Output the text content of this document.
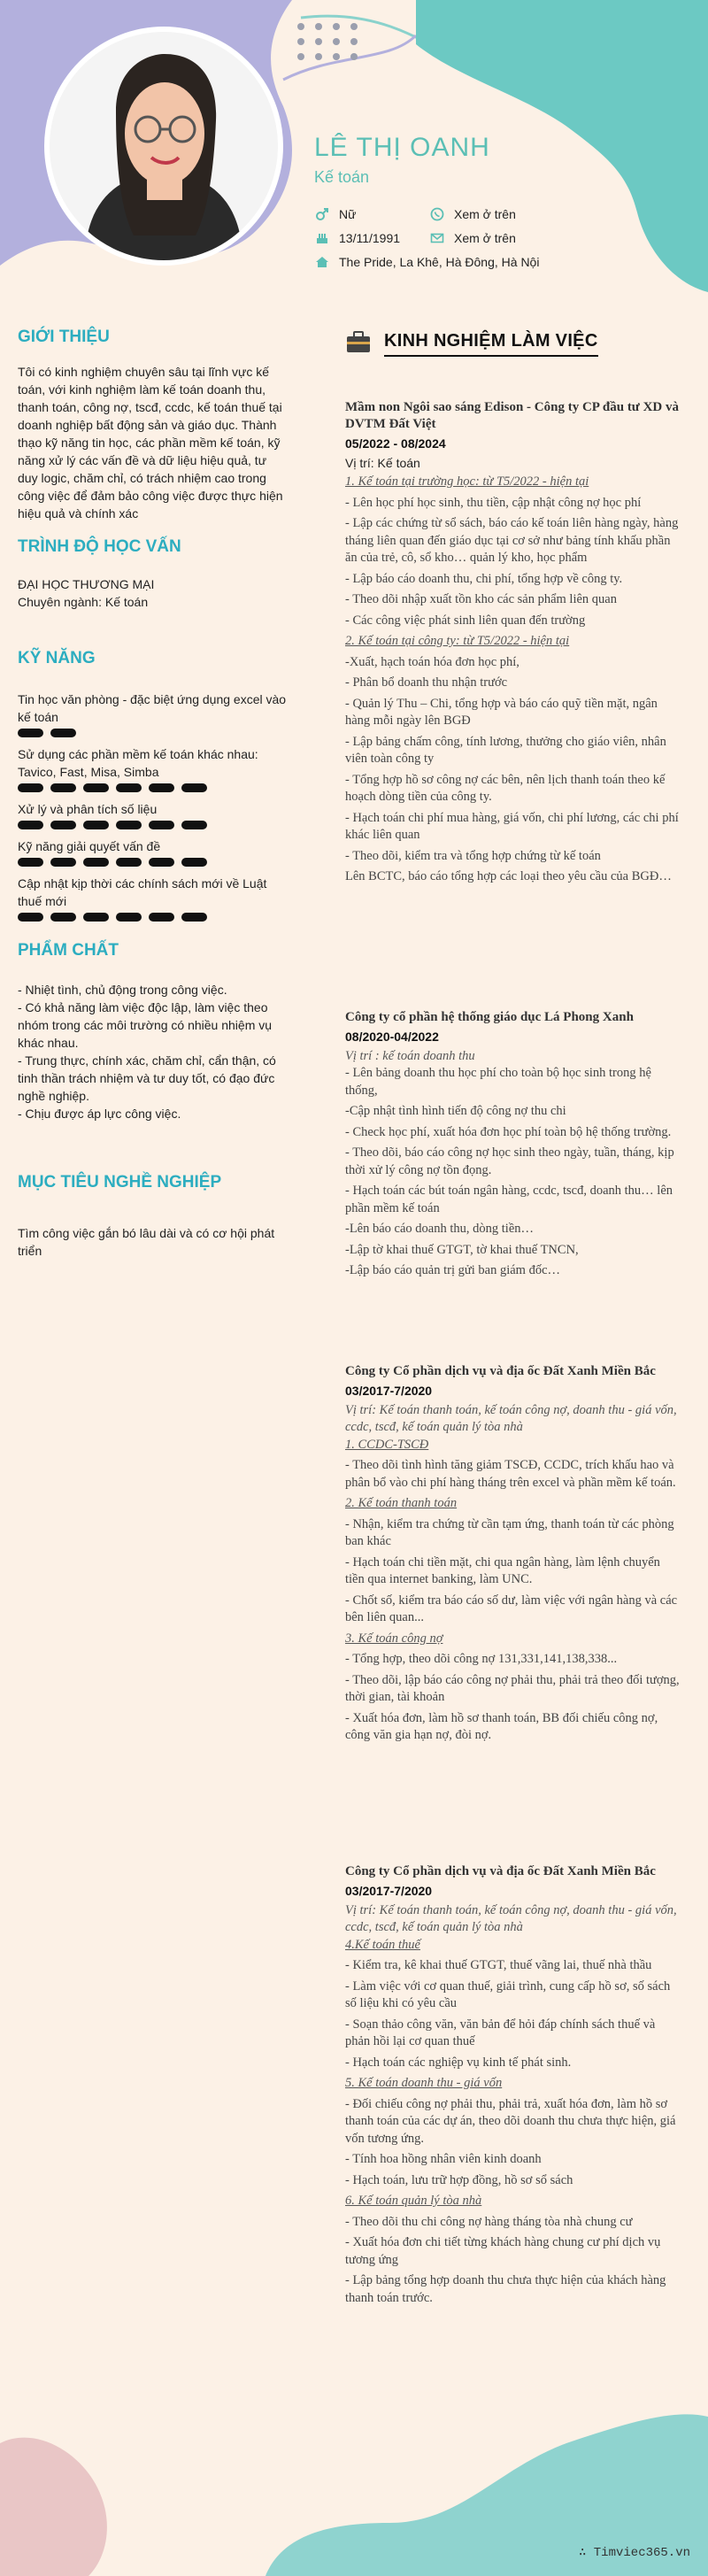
LÊ THỊ OANH
Kế toán
Nữ	Xem ở trên
13/11/1991	Xem ở trên
The Pride, La Khê, Hà Đông, Hà Nội
GIỚI THIỆU
Tôi có kinh nghiệm chuyên sâu tại lĩnh vực kế toán, với kinh nghiệm làm kế toán doanh thu, thanh toán, công nợ, tscđ, ccdc, kế toán thuế tại doanh nghiệp bất động sản và giáo dục. Thành thạo kỹ năng tin học, các phần mềm kế toán, kỹ năng xử lý các vấn đề và dữ liệu hiệu quả, tư duy logic, chăm chỉ, có trách nhiệm cao trong công việc để đảm bảo công việc được thực hiện hiệu quả và chính xác
TRÌNH ĐỘ HỌC VẤN
ĐẠI HỌC THƯƠNG MẠI
Chuyên ngành: Kế toán
KỸ NĂNG
Tin học văn phòng - đặc biệt ứng dụng excel vào kế toán
Sử dụng các phần mềm kế toán khác nhau: Tavico, Fast, Misa, Simba
Xử lý và phân tích số liệu
Kỹ năng giải quyết vấn đề
Cập nhật kịp thời các chính sách mới về Luật thuế mới
PHẨM CHẤT
- Nhiệt tình, chủ động trong công việc.
- Có khả năng làm việc độc lập, làm việc theo nhóm trong các môi trường có nhiều nhiệm vụ khác nhau.
- Trung thực, chính xác, chăm chỉ, cẩn thận, có tinh thần trách nhiệm và tư duy tốt, có đạo đức nghề nghiệp.
- Chịu được áp lực công việc.
MỤC TIÊU NGHỀ NGHIỆP
Tìm công việc gắn bó lâu dài và có cơ hội phát triển
KINH NGHIỆM LÀM VIỆC
Mầm non Ngôi sao sáng Edison - Công ty CP đầu tư XD và DVTM Đất Việt
05/2022 - 08/2024
Vị trí: Kế toán

1. Kế toán tại trường học: từ T5/2022 - hiện tại

- Lên học phí học sinh, thu tiền, cập nhật công nợ học phí

- Lập các chứng từ sổ sách, báo cáo kế toán liên hàng ngày, hàng tháng liên quan đến giáo dục tại cơ sở như bảng tính khấu phần ăn của trẻ, cô, sổ kho… quản lý kho, học phẩm

- Lập báo cáo doanh thu, chi phí, tổng hợp về công ty.

- Theo dõi nhập xuất tồn kho các sản phẩm liên quan

- Các công việc phát sinh liên quan đến trường

2. Kế toán tại công ty: từ T5/2022 - hiện tại

-Xuất, hạch toán hóa đơn học phí,

- Phân bổ doanh thu nhận trước

- Quản lý Thu – Chi, tổng hợp và báo cáo quỹ tiền mặt, ngân hàng mỗi ngày lên BGĐ

- Lập bảng chấm công, tính lương, thưởng cho giáo viên, nhân viên toàn công ty

- Tổng hợp hồ sơ công nợ các bên, nên lịch thanh toán theo kế hoạch dòng tiền của công ty.

- Hạch toán chi phí mua hàng, giá vốn, chi phí lương, các chi phí khác liên quan

- Theo dõi, kiểm tra và tổng hợp chứng từ kế toán

Lên BCTC, báo cáo tổng hợp các loại theo yêu cầu của BGĐ…

Công ty cổ phần hệ thống giáo dục Lá Phong Xanh
08/2020-04/2022
Vị trí : kế toán doanh thu

- Lên bảng doanh thu học phí cho toàn bộ học sinh trong hệ thống,

-Cập nhật tình hình tiến độ công nợ thu chi

- Check học phí, xuất hóa đơn học phí toàn bộ hệ thống trường.

- Theo dõi, báo cáo công nợ học sinh theo ngày, tuần, tháng, kịp thời xử lý công nợ tồn đọng.

- Hạch toán các bút toán ngân hàng, ccdc, tscđ, doanh thu… lên phần mềm kế toán

-Lên báo cáo doanh thu, dòng tiền…

-Lập tờ khai thuế GTGT, tờ khai thuế TNCN,

-Lập báo cáo quản trị gửi ban giám đốc…

Công ty Cổ phần dịch vụ và địa ốc Đất Xanh Miền Bắc
03/2017-7/2020
Vị trí: Kế toán thanh toán, kế toán công nợ, doanh thu - giá vốn, ccdc, tscđ, kế toán quản lý tòa nhà

1. CCDC-TSCĐ

- Theo dõi tình hình tăng giảm TSCĐ, CCDC, trích khấu hao và phân bổ vào chi phí hàng tháng trên excel và phần mềm kế toán.

2. Kế toán thanh toán

- Nhận, kiểm tra chứng từ cần tạm ứng, thanh toán từ các phòng ban khác

- Hạch toán chi tiền mặt, chi qua ngân hàng, làm lệnh chuyển tiền qua internet banking, làm UNC.

- Chốt số, kiểm tra báo cáo số dư, làm việc với ngân hàng và các bên liên quan...

3. Kế toán công nợ

- Tổng hợp, theo dõi công nợ 131,331,141,138,338...

- Theo dõi, lập báo cáo công nợ phải thu, phải trả theo đối tượng, thời gian, tài khoản

- Xuất hóa đơn, làm hồ sơ thanh toán, BB đối chiếu công nợ, công văn gia hạn nợ, đòi nợ.

Công ty Cổ phần dịch vụ và địa ốc Đất Xanh Miền Bắc
03/2017-7/2020
Vị trí: Kế toán thanh toán, kế toán công nợ, doanh thu - giá vốn, ccdc, tscđ, kế toán quản lý tòa nhà

4.Kế toán thuế

- Kiểm tra, kê khai thuế GTGT, thuế vãng lai, thuế nhà thầu

- Làm việc với cơ quan thuế, giải trình, cung cấp hồ sơ, số sách số liệu khi có yêu cầu

- Soạn thảo công văn, văn bản để hỏi đáp chính sách thuế và phản hồi lại cơ quan thuế

- Hạch toán các nghiệp vụ kinh tế phát sinh.

5. Kế toán doanh thu - giá vốn

- Đối chiếu công nợ phải thu, phải trả, xuất hóa đơn, làm hồ sơ thanh toán của các dự án, theo dõi doanh thu chưa thực hiện, giá vốn tương ứng.

- Tính hoa hồng nhân viên kinh doanh

- Hạch toán, lưu trữ hợp đồng, hồ sơ sổ sách

6. Kế toán quản lý tòa nhà

- Theo dõi thu chi công nợ hàng tháng tòa nhà chung cư

- Xuất hóa đơn chi tiết từng khách hàng chung cư phí dịch vụ tương ứng

- Lập bảng tổng hợp doanh thu chưa thực hiện của khách hàng thanh toán trước.

∴ Timviec365.vn
